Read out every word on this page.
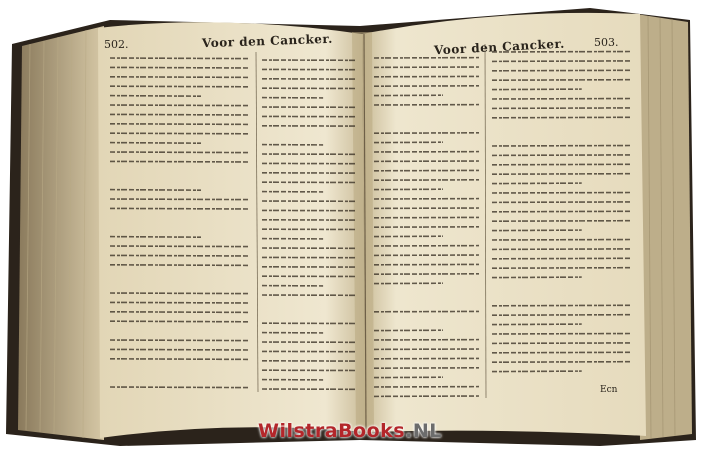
502.	Voor den Cancker.	503.
Voor den Cancker.
Ecn
WilstraBooks.NL
